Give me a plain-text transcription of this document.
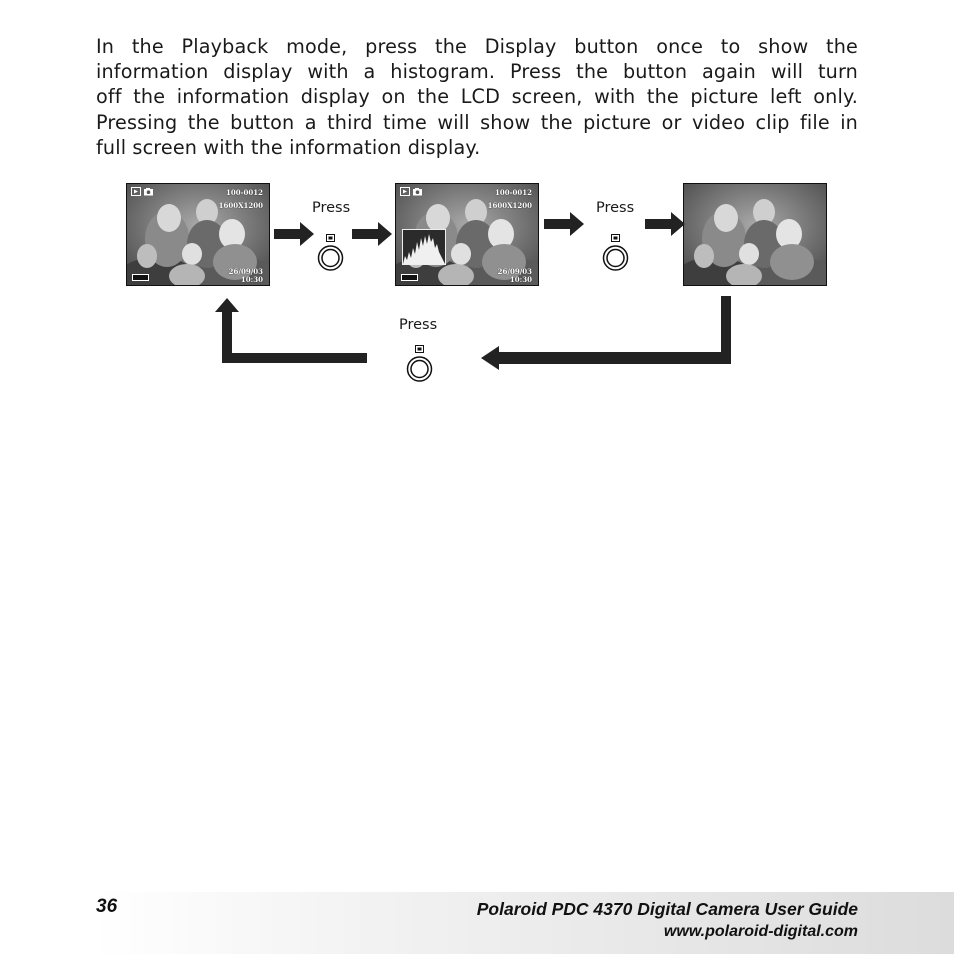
In the Playback mode, press the Display button once to show the
information display with a histogram. Press the button again will turn
off the information display on the LCD screen, with the picture left only.
Pressing the button a third time will show the picture or video clip file in
full screen with the information display.

100-0012
1600X1200
26/09/03
10:30
100-0012
1600X1200
26/09/03
10:30
Press	Press
Press
36	Polaroid PDC 4370 Digital Camera User Guide
www.polaroid-digital.com
